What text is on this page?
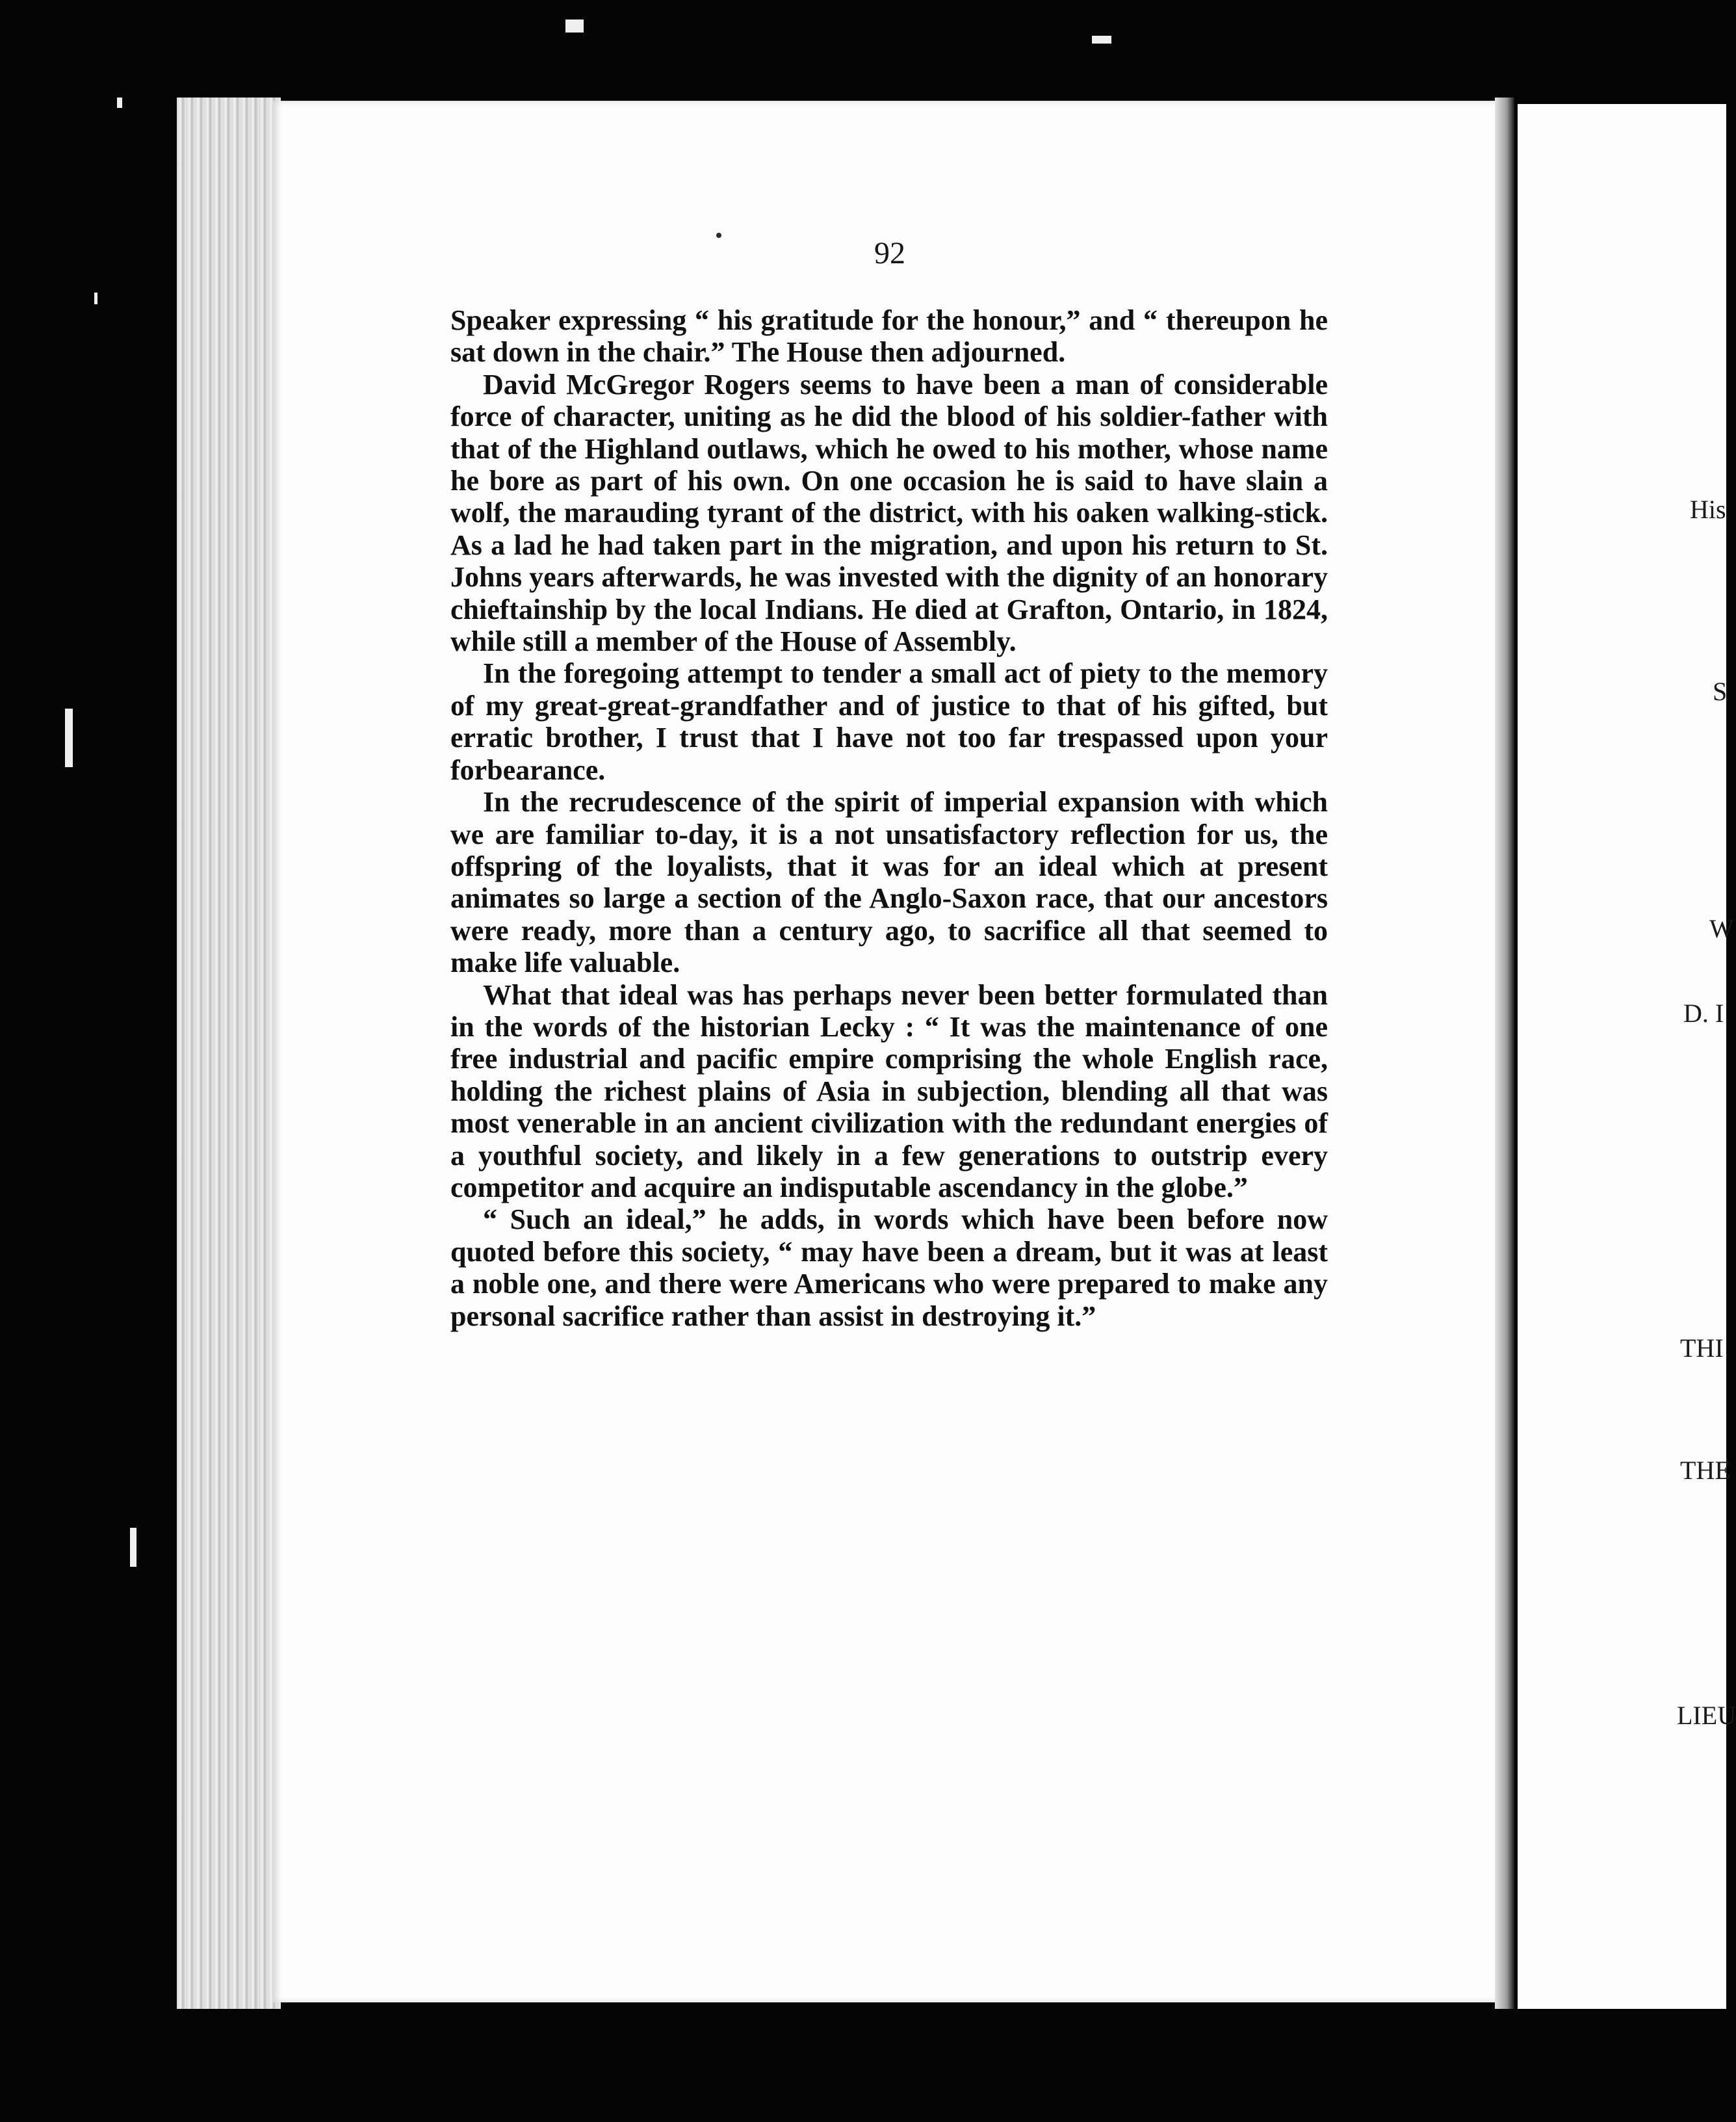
92

Speaker expressing “ his gratitude for the honour,” and “ thereupon he sat down in the chair.” The House then adjourned.

David McGregor Rogers seems to have been a man of considerable force of character, uniting as he did the blood of his soldier-father with that of the Highland outlaws, which he owed to his mother, whose name he bore as part of his own. On one occasion he is said to have slain a wolf, the marauding tyrant of the district, with his oaken walking-stick. As a lad he had taken part in the migration, and upon his return to St. Johns years afterwards, he was invested with the dignity of an honorary chieftainship by the local Indians. He died at Grafton, Ontario, in 1824, while still a member of the House of Assembly.

In the foregoing attempt to tender a small act of piety to the memory of my great-great-grandfather and of justice to that of his gifted, but erratic brother, I trust that I have not too far trespassed upon your forbearance.

In the recrudescence of the spirit of imperial expansion with which we are familiar to-day, it is a not unsatisfactory reflection for us, the offspring of the loyalists, that it was for an ideal which at present animates so large a section of the Anglo-Saxon race, that our ancestors were ready, more than a century ago, to sacrifice all that seemed to make life valuable.

What that ideal was has perhaps never been better formulated than in the words of the historian Lecky : “ It was the maintenance of one free industrial and pacific empire comprising the whole English race, holding the richest plains of Asia in subjection, blending all that was most venerable in an ancient civilization with the redundant energies of a youthful society, and likely in a few generations to outstrip every competitor and acquire an indisputable ascendancy in the globe.”

“ Such an ideal,” he adds, in words which have been before now quoted before this society, “ may have been a dream, but it was at least a noble one, and there were Americans who were prepared to make any personal sacrifice rather than assist in destroying it.”

His
S
W
D. I
THI
THE
LIEU
